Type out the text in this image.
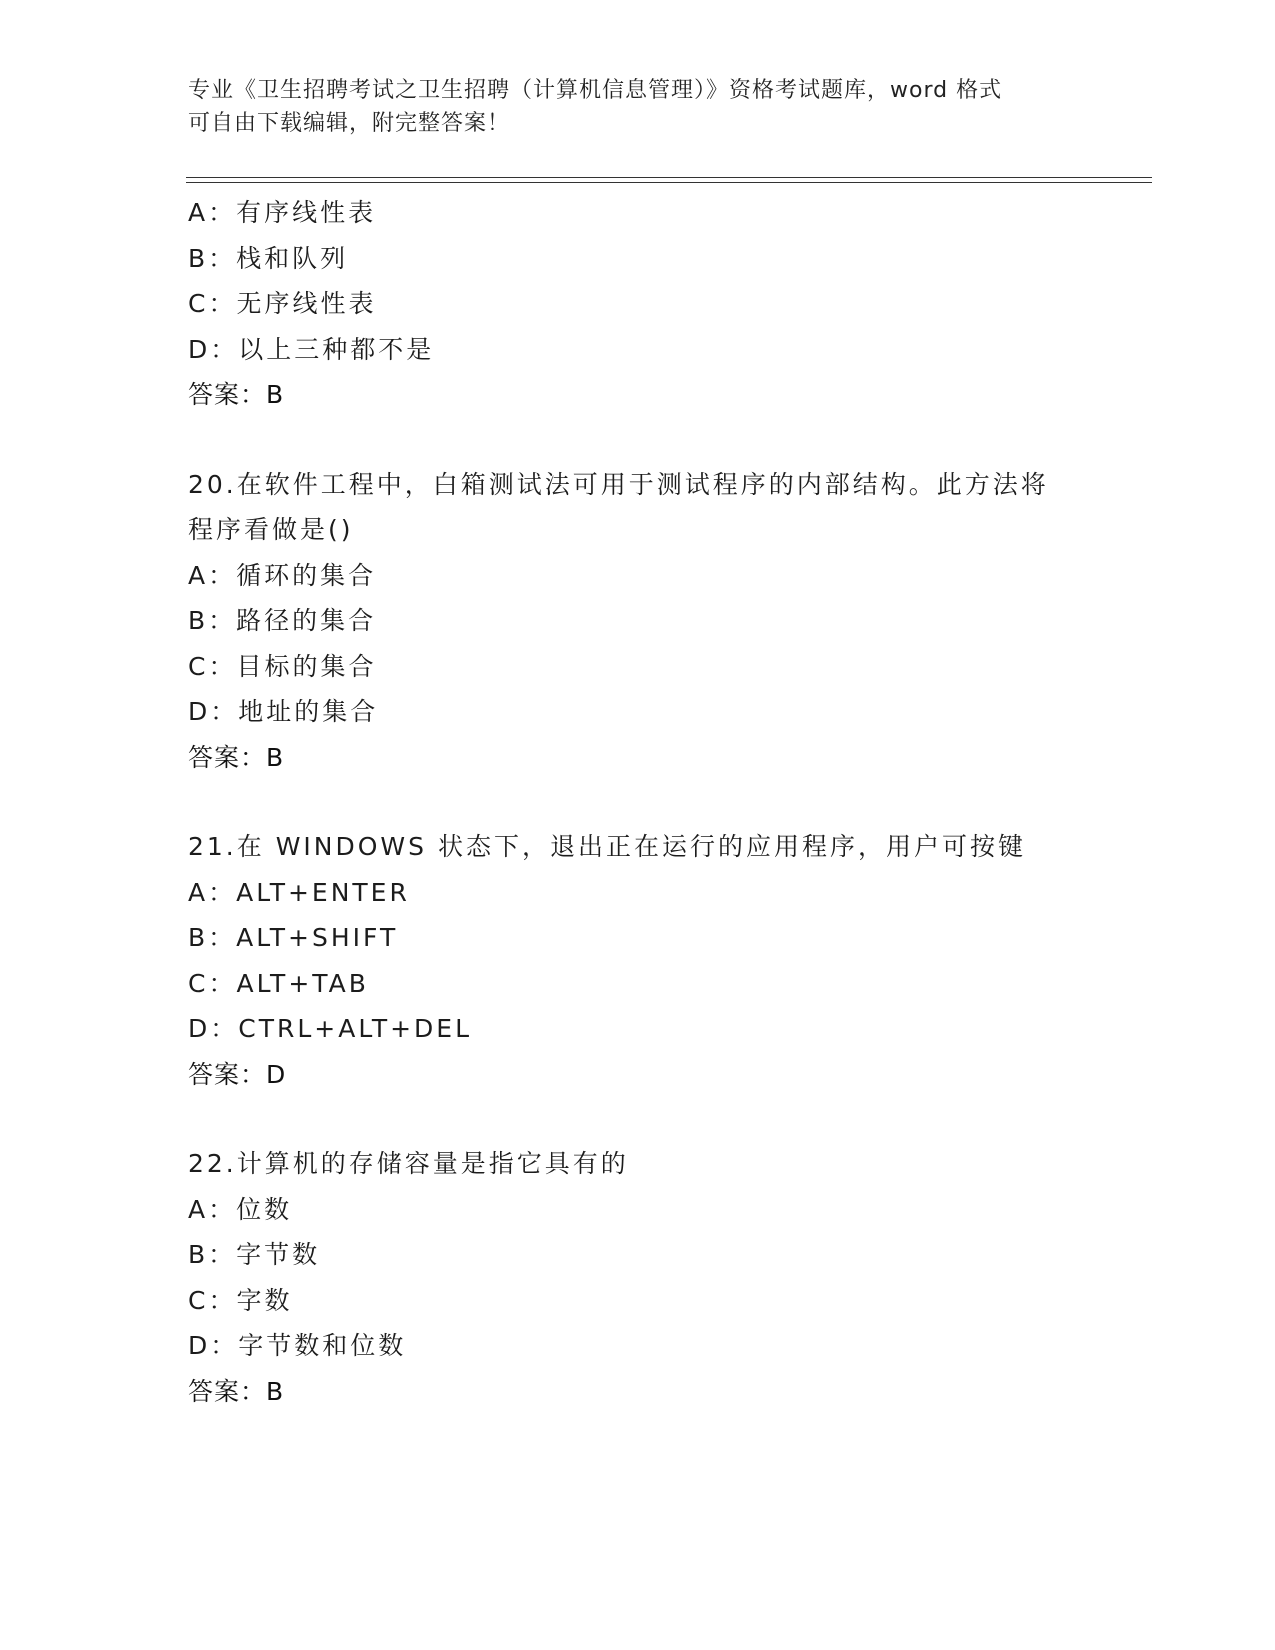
专业《卫生招聘考试之卫生招聘（计算机信息管理）》资格考试题库，word 格式
可自由下载编辑，附完整答案！
A：有序线性表
B：栈和队列
C：无序线性表
D：以上三种都不是
答案：B
20.在软件工程中，白箱测试法可用于测试程序的内部结构。此方法将
程序看做是()
A：循环的集合
B：路径的集合
C：目标的集合
D：地址的集合
答案：B
21.在 WINDOWS 状态下，退出正在运行的应用程序，用户可按键
A：ALT+ENTER
B：ALT+SHIFT
C：ALT+TAB
D：CTRL+ALT+DEL
答案：D
22.计算机的存储容量是指它具有的
A：位数
B：字节数
C：字数
D：字节数和位数
答案：B
